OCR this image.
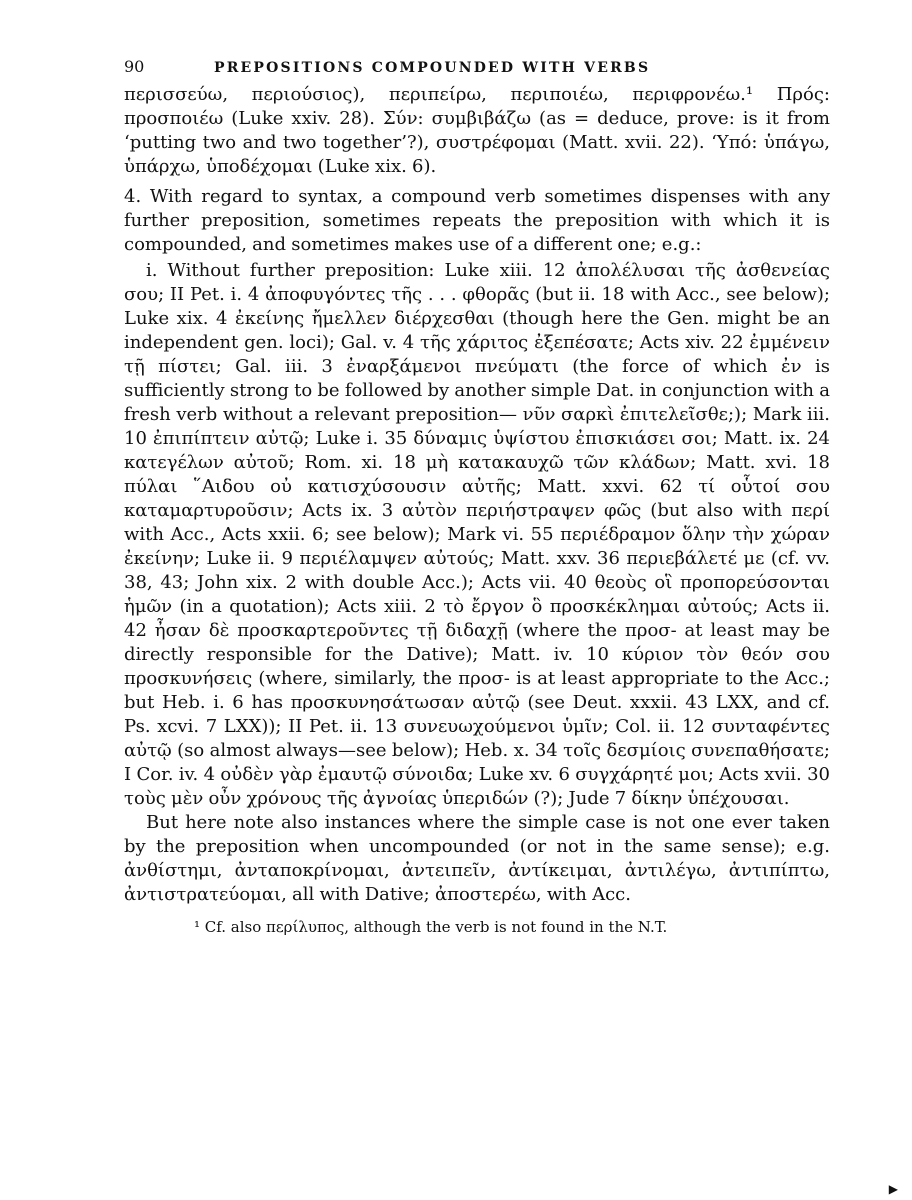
90	PREPOSITIONS COMPOUNDED WITH VERBS

περισσεύω, περιούσιος), περιπείρω, περιποιέω, περιφρονέω.¹ Πρός: προσποιέω (Luke xxiv. 28). Σύν: συμβιβάζω (as = deduce, prove: is it from ‘putting two and two together’?), συστρέφομαι (Matt. xvii. 22). ‘Υπό: ὑπάγω, ὑπάρχω, ὑποδέχομαι (Luke xix. 6).

4. With regard to syntax, a compound verb sometimes dispenses with any further preposition, sometimes repeats the preposition with which it is compounded, and sometimes makes use of a different one; e.g.:

i. Without further preposition: Luke xiii. 12 ἀπολέλυσαι τῆς ἀσθενείας σου; II Pet. i. 4 ἀποφυγόντες τῆς . . . φθορᾶς (but ii. 18 with Acc., see below); Luke xix. 4 ἐκείνης ἤμελλεν διέρχεσθαι (though here the Gen. might be an independent gen. loci); Gal. v. 4 τῆς χάριτος ἐξεπέσατε; Acts xiv. 22 ἐμμένειν τῇ πίστει; Gal. iii. 3 ἐναρξάμενοι πνεύματι (the force of which ἐν is sufficiently strong to be followed by another simple Dat. in conjunction with a fresh verb without a relevant preposition— νῦν σαρκὶ ἐπιτελεῖσθε;); Mark iii. 10 ἐπιπίπτειν αὐτῷ; Luke i. 35 δύναμις ὑψίστου ἐπισκιάσει σοι; Matt. ix. 24 κατεγέλων αὐτοῦ; Rom. xi. 18 μὴ κατακαυχῶ τῶν κλάδων; Matt. xvi. 18 πύλαι ῞Αιδου οὐ κατισχύσουσιν αὐτῆς; Matt. xxvi. 62 τί οὗτοί σου καταμαρτυροῦσιν; Acts ix. 3 αὐτὸν περιήστραψεν φῶς (but also with περί with Acc., Acts xxii. 6; see below); Mark vi. 55 περιέδραμον ὅλην τὴν χώραν ἐκείνην; Luke ii. 9 περιέλαμψεν αὐτούς; Matt. xxv. 36 περιεβάλετέ με (cf. vv. 38, 43; John xix. 2 with double Acc.); Acts vii. 40 θεοὺς οἳ προπορεύσονται ἡμῶν (in a quotation); Acts xiii. 2 τὸ ἔργον ὃ προσκέκλημαι αὐτούς; Acts ii. 42 ἦσαν δὲ προσκαρτεροῦντες τῇ διδαχῇ (where the προσ- at least may be directly responsible for the Dative); Matt. iv. 10 κύριον τὸν θεόν σου προσκυνήσεις (where, similarly, the προσ- is at least appropriate to the Acc.; but Heb. i. 6 has προσκυνησάτωσαν αὐτῷ (see Deut. xxxii. 43 LXX, and cf. Ps. xcvi. 7 LXX)); II Pet. ii. 13 συνευωχούμενοι ὑμῖν; Col. ii. 12 συνταφέντες αὐτῷ (so almost always—see below); Heb. x. 34 τοῖς δεσμίοις συνεπαθήσατε; I Cor. iv. 4 οὐδὲν γὰρ ἐμαυτῷ σύνοιδα; Luke xv. 6 συγχάρητέ μοι; Acts xvii. 30 τοὺς μὲν οὖν χρόνους τῆς ἀγνοίας ὑπεριδών (?); Jude 7 δίκην ὑπέχουσαι.

But here note also instances where the simple case is not one ever taken by the preposition when uncompounded (or not in the same sense); e.g. ἀνθίστημι, ἀνταποκρίνομαι, ἀντειπεῖν, ἀντίκειμαι, ἀντιλέγω, ἀντιπίπτω, ἀντιστρατεύομαι, all with Dative; ἀποστερέω, with Acc.

¹ Cf. also περίλυπος, although the verb is not found in the N.T.
▶
